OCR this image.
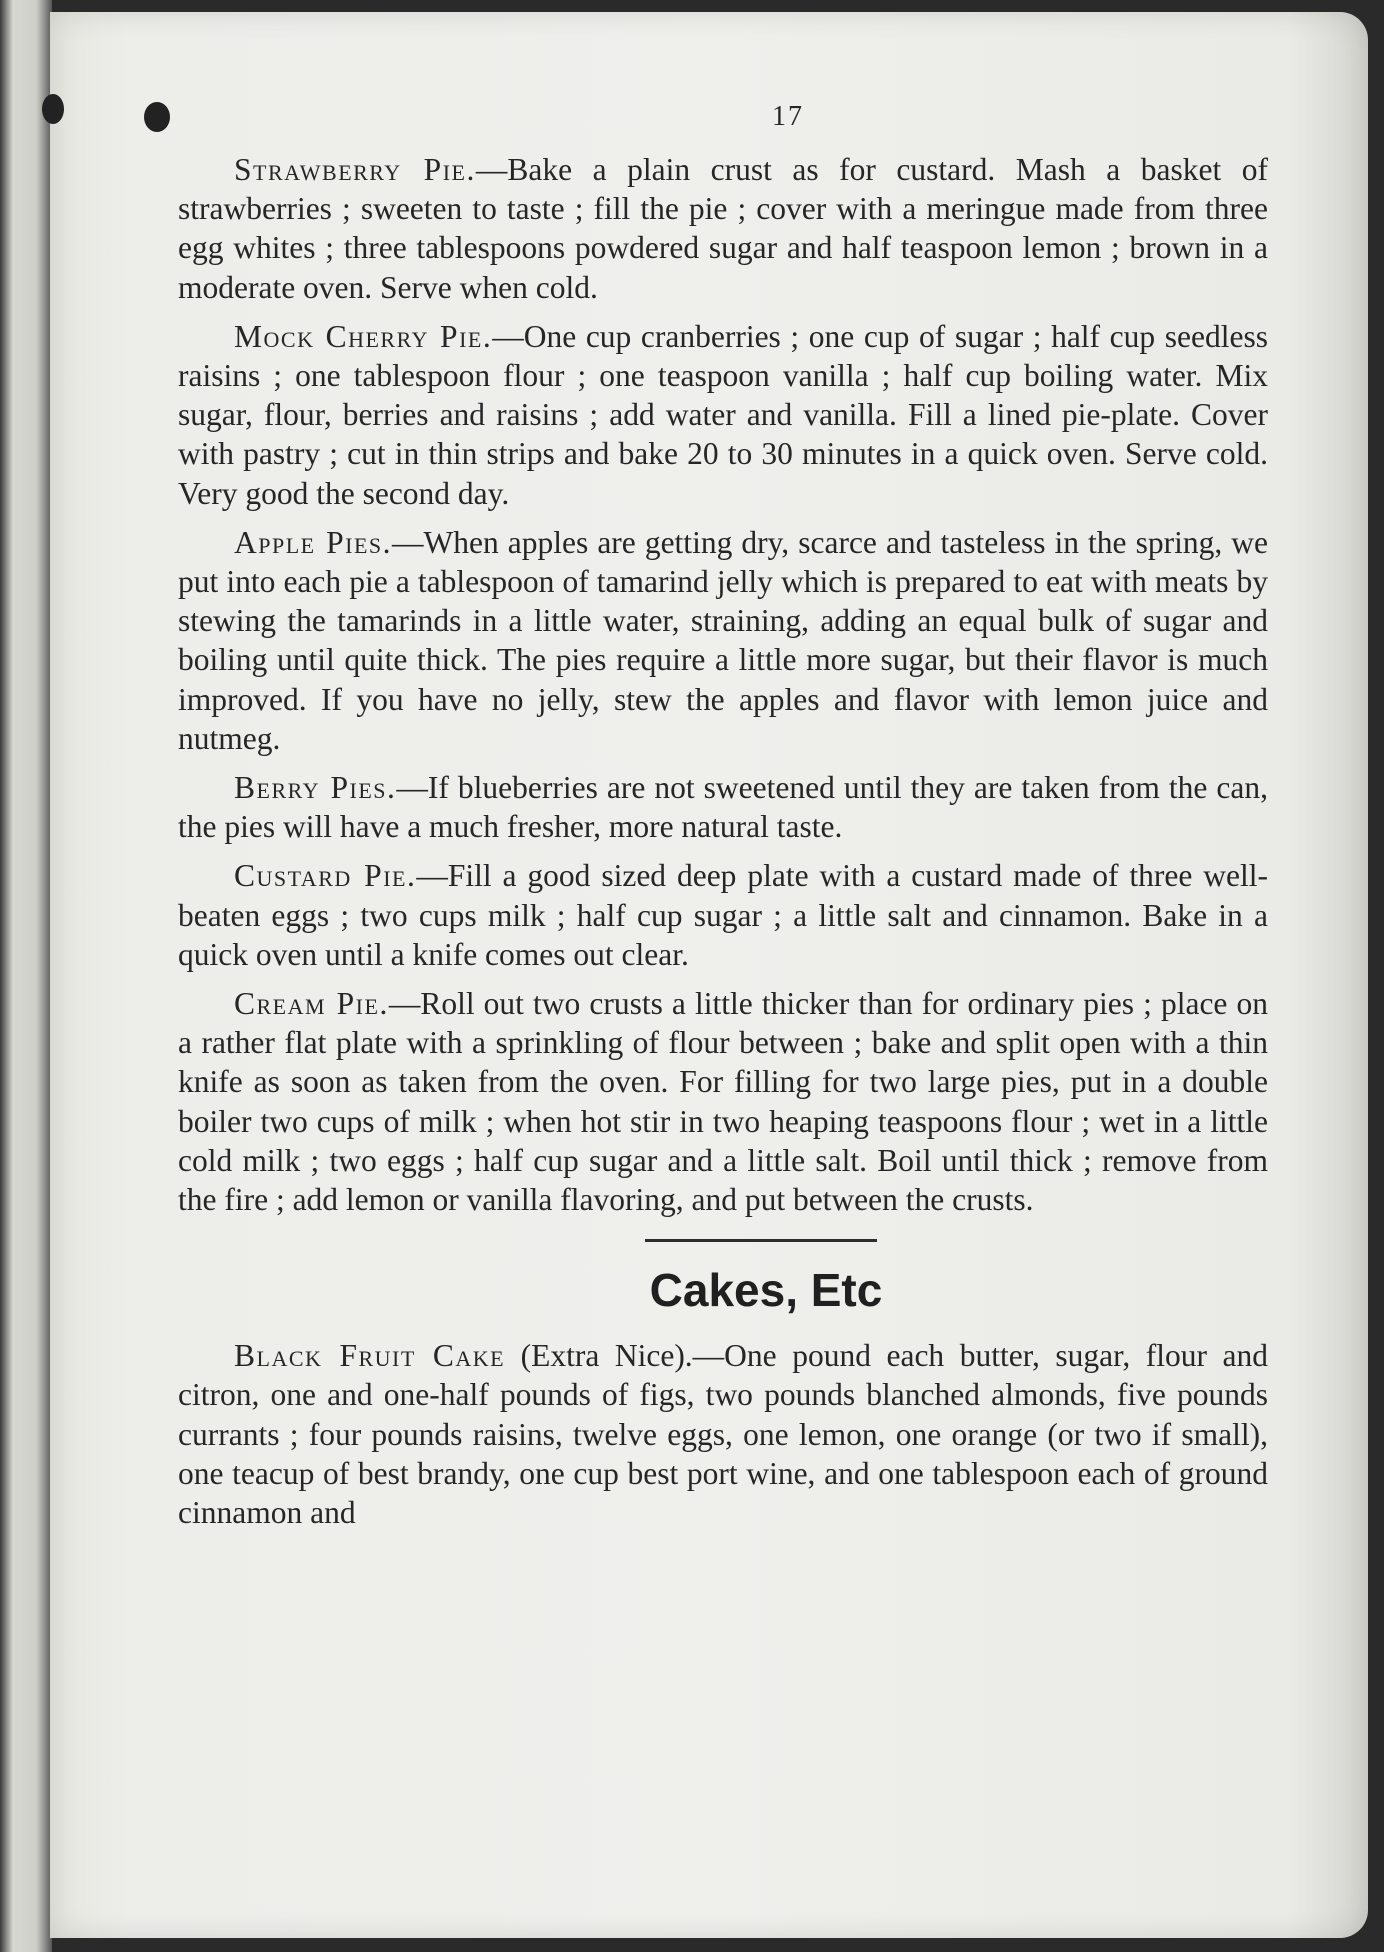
17

Strawberry Pie.—Bake a plain crust as for custard. Mash a basket of strawberries ; sweeten to taste ; fill the pie ; cover with a meringue made from three egg whites ; three tablespoons powdered sugar and half teaspoon lemon ; brown in a moderate oven. Serve when cold.

Mock Cherry Pie.—One cup cranberries ; one cup of sugar ; half cup seedless raisins ; one tablespoon flour ; one teaspoon vanilla ; half cup boiling water. Mix sugar, flour, berries and raisins ; add water and vanilla. Fill a lined pie-plate. Cover with pastry ; cut in thin strips and bake 20 to 30 minutes in a quick oven. Serve cold. Very good the second day.

Apple Pies.—When apples are getting dry, scarce and tasteless in the spring, we put into each pie a tablespoon of tamarind jelly which is prepared to eat with meats by stewing the tamarinds in a little water, straining, adding an equal bulk of sugar and boiling until quite thick. The pies require a little more sugar, but their flavor is much improved. If you have no jelly, stew the apples and flavor with lemon juice and nutmeg.

Berry Pies.—If blueberries are not sweetened until they are taken from the can, the pies will have a much fresher, more natural taste.

Custard Pie.—Fill a good sized deep plate with a custard made of three well-beaten eggs ; two cups milk ; half cup sugar ; a little salt and cinnamon. Bake in a quick oven until a knife comes out clear.

Cream Pie.—Roll out two crusts a little thicker than for ordinary pies ; place on a rather flat plate with a sprinkling of flour between ; bake and split open with a thin knife as soon as taken from the oven. For filling for two large pies, put in a double boiler two cups of milk ; when hot stir in two heaping teaspoons flour ; wet in a little cold milk ; two eggs ; half cup sugar and a little salt. Boil until thick ; remove from the fire ; add lemon or vanilla flavoring, and put between the crusts.

Cakes, Etc

Black Fruit Cake (Extra Nice).—One pound each butter, sugar, flour and citron, one and one-half pounds of figs, two pounds blanched almonds, five pounds currants ; four pounds raisins, twelve eggs, one lemon, one orange (or two if small), one teacup of best brandy, one cup best port wine, and one tablespoon each of ground cinnamon and
